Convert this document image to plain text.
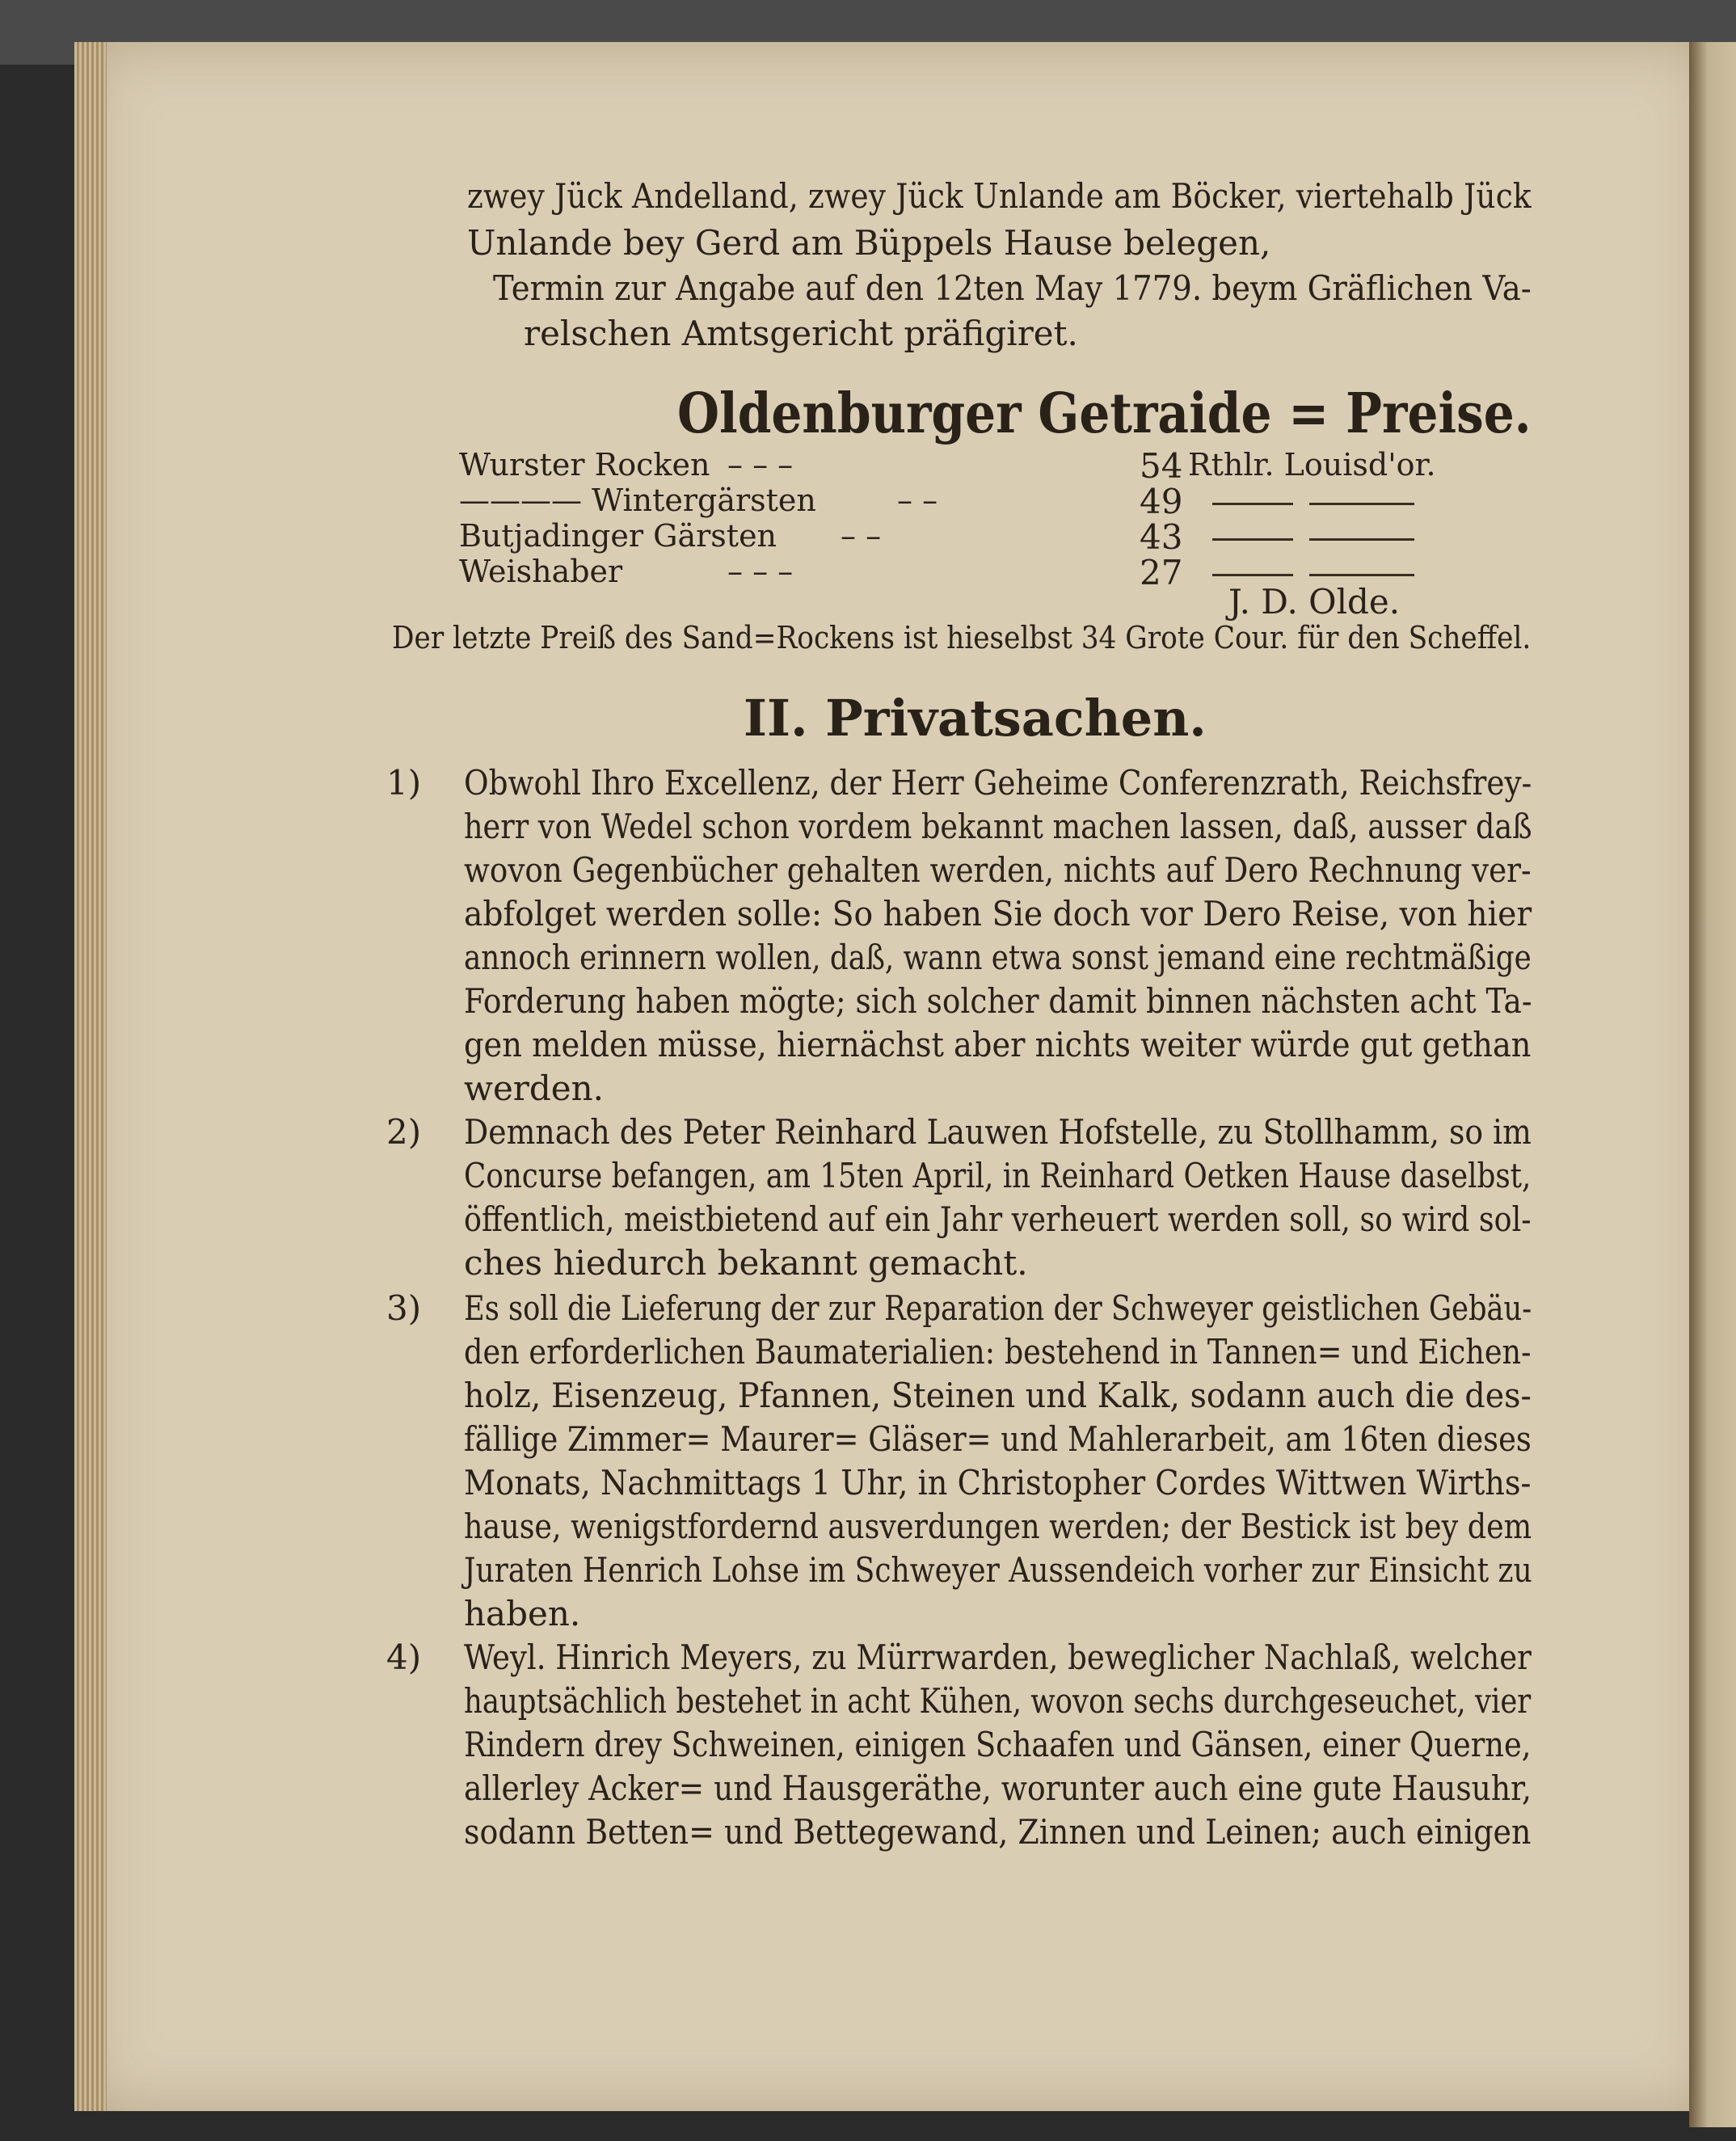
zwey Jück Andelland, zwey Jück Unlande am Böcker, viertehalb Jück
Unlande bey Gerd am Büppels Hause belegen,
Termin zur Angabe auf den 12ten May 1779. beym Gräflichen Va-
relschen Amtsgericht präfigiret.
Oldenburger Getraide = Preise.
Wurster Rocken – – –	54 Rthlr. Louisd'or.
———— Wintergärsten	– –	49
Butjadinger Gärsten – –	43
Weishaber	– – –	27
J. D. Olde.
Der letzte Preiß des Sand=Rockens ist hieselbst 34 Grote Cour. für den Scheffel.
II. Privatsachen.
1) Obwohl Ihro Excellenz, der Herr Geheime Conferenzrath, Reichsfrey-
herr von Wedel schon vordem bekannt machen lassen, daß, ausser daß
wovon Gegenbücher gehalten werden, nichts auf Dero Rechnung ver-
abfolget werden solle: So haben Sie doch vor Dero Reise, von hier
annoch erinnern wollen, daß, wann etwa sonst jemand eine rechtmäßige
Forderung haben mögte; sich solcher damit binnen nächsten acht Ta-
gen melden müsse, hiernächst aber nichts weiter würde gut gethan
werden.
2) Demnach des Peter Reinhard Lauwen Hofstelle, zu Stollhamm, so im
Concurse befangen, am 15ten April, in Reinhard Oetken Hause daselbst,
öffentlich, meistbietend auf ein Jahr verheuert werden soll, so wird sol-
ches hiedurch bekannt gemacht.
3) Es soll die Lieferung der zur Reparation der Schweyer geistlichen Gebäu-
den erforderlichen Baumaterialien: bestehend in Tannen= und Eichen-
holz, Eisenzeug, Pfannen, Steinen und Kalk, sodann auch die des-
fällige Zimmer= Maurer= Gläser= und Mahlerarbeit, am 16ten dieses
Monats, Nachmittags 1 Uhr, in Christopher Cordes Wittwen Wirths-
hause, wenigstfordernd ausverdungen werden; der Bestick ist bey dem
Juraten Henrich Lohse im Schweyer Aussendeich vorher zur Einsicht zu
haben.
4) Weyl. Hinrich Meyers, zu Mürrwarden, beweglicher Nachlaß, welcher
hauptsächlich bestehet in acht Kühen, wovon sechs durchgeseuchet, vier
Rindern drey Schweinen, einigen Schaafen und Gänsen, einer Querne,
allerley Acker= und Hausgeräthe, worunter auch eine gute Hausuhr,
sodann Betten= und Bettegewand, Zinnen und Leinen; auch einigen
